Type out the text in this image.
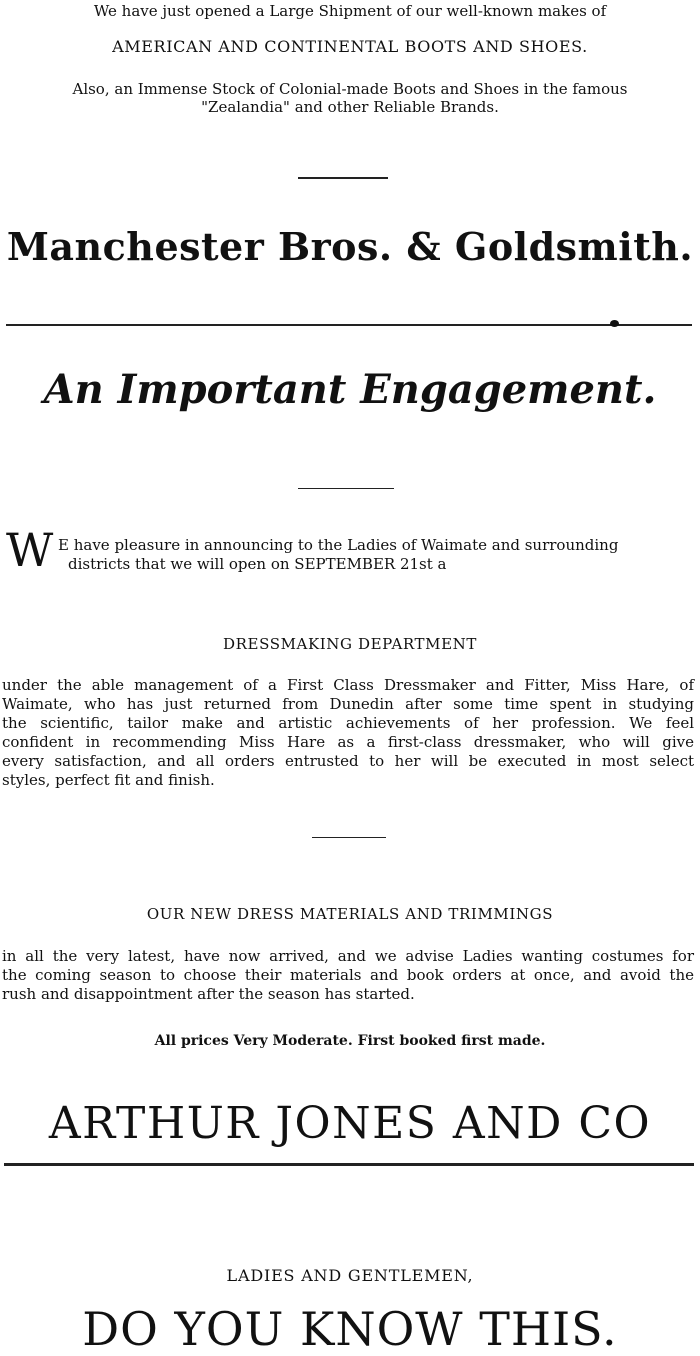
We have just opened a Large Shipment of our well-known makes of

AMERICAN AND CONTINENTAL BOOTS AND SHOES.

Also, an Immense Stock of Colonial-made Boots and Shoes in the famous

"Zealandia" and other Reliable Brands.

Manchester Bros. & Goldsmith.

An Important Engagement.

W E have pleasure in announcing to the Ladies of Waimate and surrounding
districts that we will open on SEPTEMBER 21st a

DRESSMAKING DEPARTMENT

under the able management of a First Class Dressmaker and Fitter, Miss Hare, of
Waimate, who has just returned from Dunedin after some time spent in studying
the scientific, tailor make and artistic achievements of her profession. We feel
confident in recommending Miss Hare as a first-class dressmaker, who will give
every satisfaction, and all orders entrusted to her will be executed in most select
styles, perfect fit and finish.

OUR NEW DRESS MATERIALS AND TRIMMINGS

in all the very latest, have now arrived, and we advise Ladies wanting costumes for
the coming season to choose their materials and book orders at once, and avoid the
rush and disappointment after the season has started.

All prices Very Moderate. First booked first made.

ARTHUR JONES AND CO

LADIES AND GENTLEMEN,

DO YOU KNOW THIS.
